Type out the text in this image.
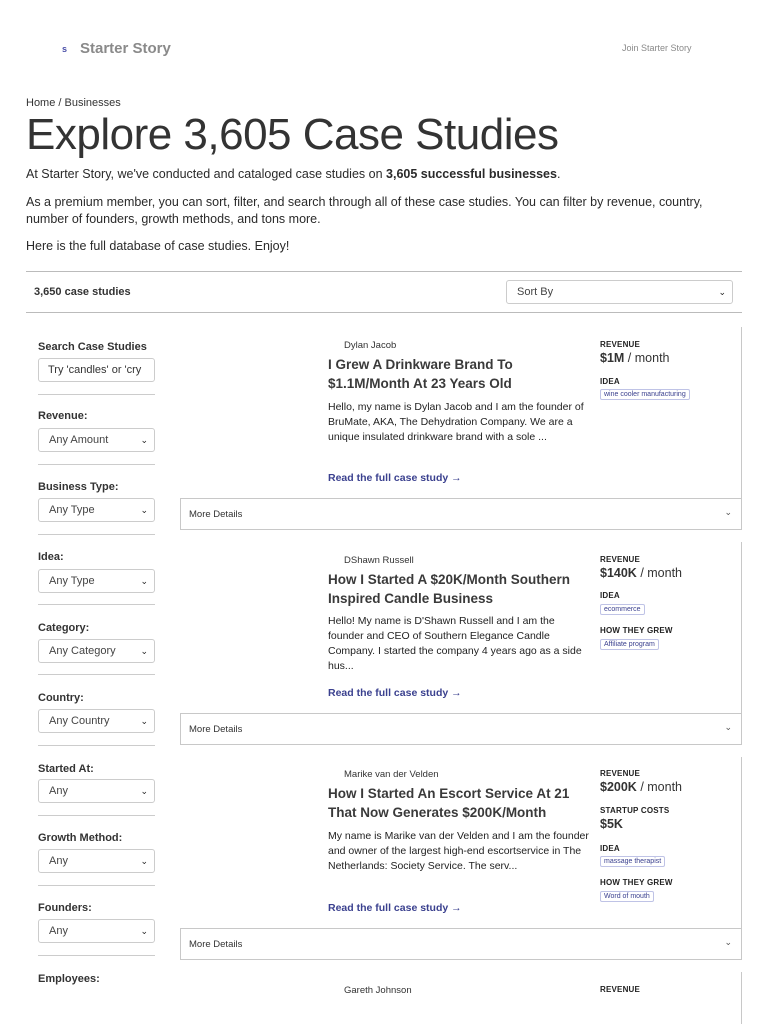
s Starter Story	Join Starter Story
Home / Businesses
Explore 3,605 Case Studies

At Starter Story, we've conducted and cataloged case studies on 3,605 successful businesses.

As a premium member, you can sort, filter, and search through all of these case studies. You can filter by revenue, country, number of founders, growth methods, and tons more.

Here is the full database of case studies. Enjoy!

3,650 case studies	Sort By	⌄
Search Case Studies
Try 'candles' or 'cry
Revenue:
Any Amount	⌄
Business Type:
Any Type	⌄
Idea:
Any Type	⌄
Category:
Any Category	⌄
Country:
Any Country	⌄
Started At:
Any	⌄
Growth Method:
Any	⌄
Founders:
Any	⌄
Employees:
Dylan Jacob
I Grew A Drinkware Brand To $1.1M/Month At 23 Years Old

Hello, my name is Dylan Jacob and I am the founder of BruMate, AKA, The Dehydration Company. We are a unique insulated drinkware brand with a sole ...

Read the full case study →
REVENUE
$1M / month
IDEA
wine cooler manufacturing
More Details	⌄
DShawn Russell
How I Started A $20K/Month Southern Inspired Candle Business

Hello! My name is D'Shawn Russell and I am the founder and CEO of Southern Elegance Candle Company. I started the company 4 years ago as a side hus...

Read the full case study →
REVENUE
$140K / month
IDEA
ecommerce
HOW THEY GREW
Affiliate program
More Details	⌄
Marike van der Velden
How I Started An Escort Service At 21 That Now Generates $200K/Month

My name is Marike van der Velden and I am the founder and owner of the largest high-end escortservice in The Netherlands: Society Service. The serv...

Read the full case study →
REVENUE
$200K / month
STARTUP COSTS
$5K
IDEA
massage therapist
HOW THEY GREW
Word of mouth
More Details	⌄
Gareth Johnson	REVENUE
